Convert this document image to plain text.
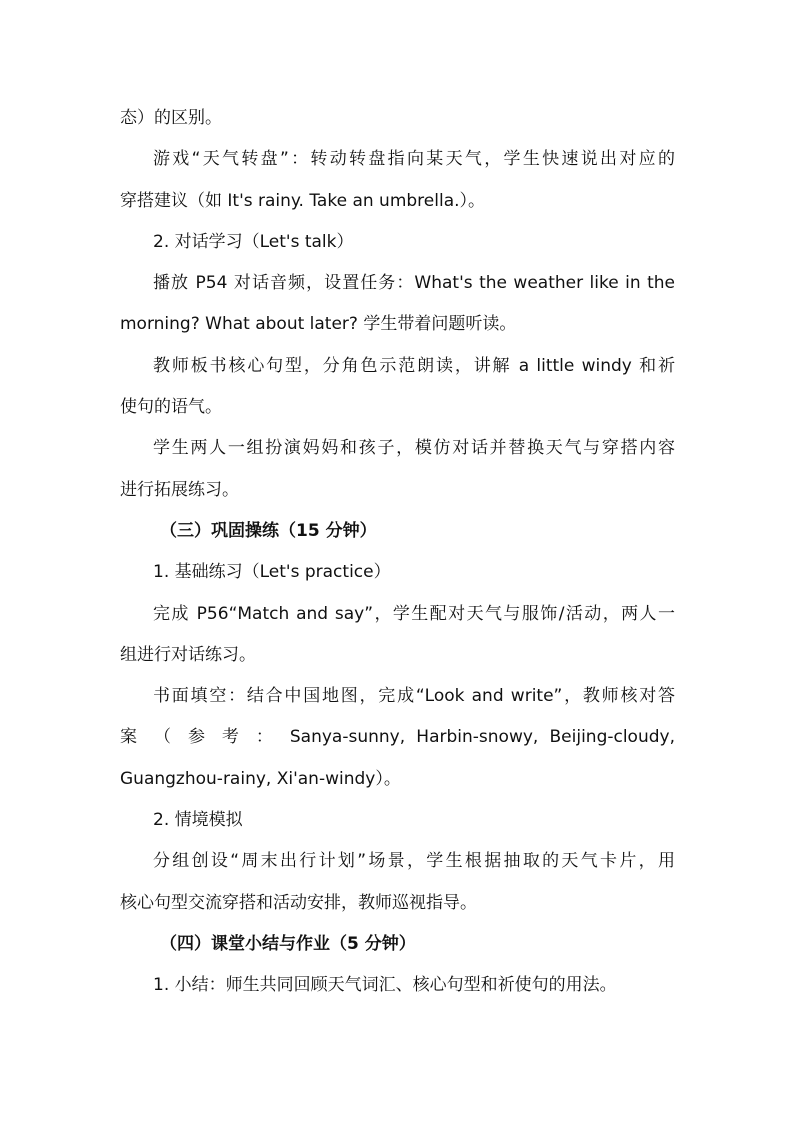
态）的区别。
游戏“天气转盘”：转动转盘指向某天气，学生快速说出对应的
穿搭建议（如 It's rainy. Take an umbrella.）。
2. 对话学习（Let's talk）
播放 P54 对话音频，设置任务：What's the weather like in the
morning? What about later? 学生带着问题听读。
教师板书核心句型，分角色示范朗读，讲解 a little windy 和祈
使句的语气。
学生两人一组扮演妈妈和孩子，模仿对话并替换天气与穿搭内容
进行拓展练习。
（三）巩固操练（15 分钟）
1. 基础练习（Let's practice）
完成 P56“Match and say”，学生配对天气与服饰/活动，两人一
组进行对话练习。
书面填空：结合中国地图，完成“Look and write”，教师核对答
案 （ 参 考 ： Sanya-sunny, Harbin-snowy, Beijing-cloudy,
Guangzhou-rainy, Xi'an-windy）。
2. 情境模拟
分组创设“周末出行计划”场景，学生根据抽取的天气卡片，用
核心句型交流穿搭和活动安排，教师巡视指导。
（四）课堂小结与作业（5 分钟）
1. 小结：师生共同回顾天气词汇、核心句型和祈使句的用法。
